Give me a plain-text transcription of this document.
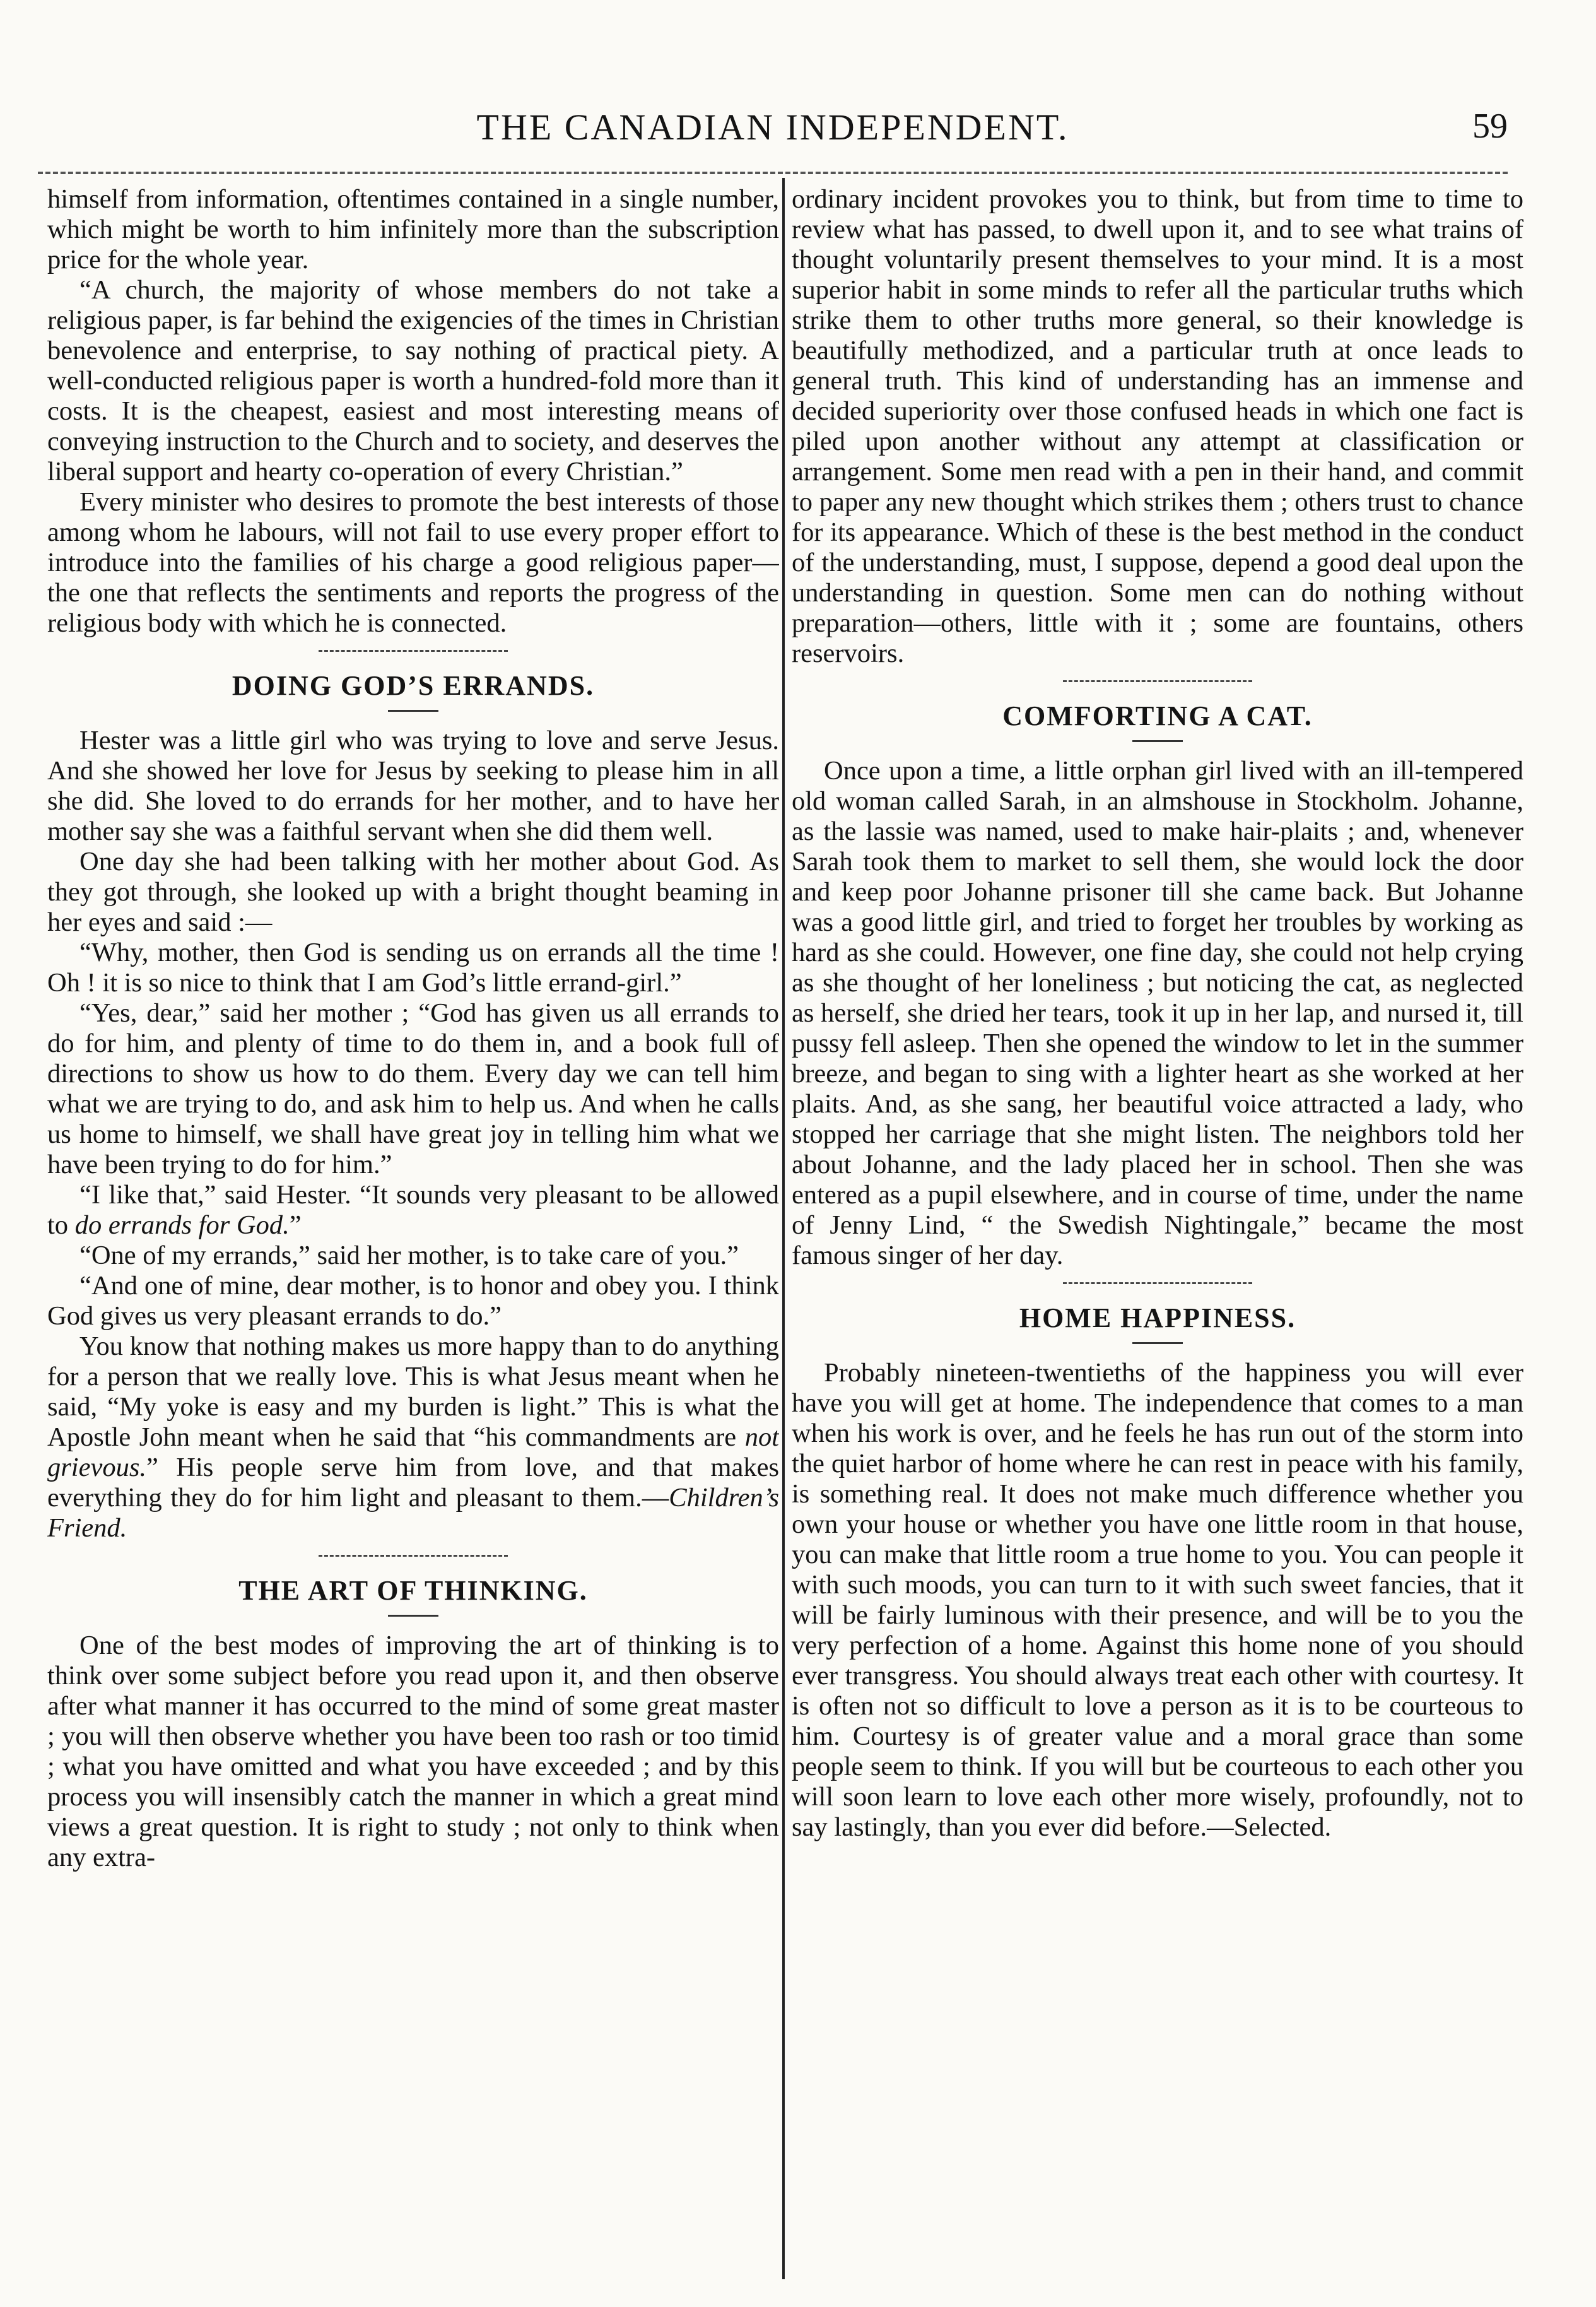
THE CANADIAN INDEPENDENT.	59

himself from information, oftentimes contained in a single number, which might be worth to him infinitely more than the subscription price for the whole year.

“A church, the majority of whose members do not take a religious paper, is far behind the exigencies of the times in Christian benevolence and enterprise, to say nothing of practical piety. A well-conducted religious paper is worth a hundred-fold more than it costs. It is the cheapest, easiest and most interesting means of conveying instruction to the Church and to society, and deserves the liberal support and hearty co-operation of every Christian.”

Every minister who desires to promote the best interests of those among whom he labours, will not fail to use every proper effort to introduce into the families of his charge a good religious paper—the one that reflects the sentiments and reports the progress of the religious body with which he is connected.

DOING GOD’S ERRANDS.

Hester was a little girl who was trying to love and serve Jesus. And she showed her love for Jesus by seeking to please him in all she did. She loved to do errands for her mother, and to have her mother say she was a faithful servant when she did them well.

One day she had been talking with her mother about God. As they got through, she looked up with a bright thought beaming in her eyes and said :—

“Why, mother, then God is sending us on errands all the time ! Oh ! it is so nice to think that I am God’s little errand-girl.”

“Yes, dear,” said her mother ; “God has given us all errands to do for him, and plenty of time to do them in, and a book full of directions to show us how to do them. Every day we can tell him what we are trying to do, and ask him to help us. And when he calls us home to himself, we shall have great joy in telling him what we have been trying to do for him.”

“I like that,” said Hester. “It sounds very pleasant to be allowed to do errands for God.”

“One of my errands,” said her mother, is to take care of you.”

“And one of mine, dear mother, is to honor and obey you. I think God gives us very pleasant errands to do.”

You know that nothing makes us more happy than to do anything for a person that we really love. This is what Jesus meant when he said, “My yoke is easy and my burden is light.” This is what the Apostle John meant when he said that “his commandments are not grievous.” His people serve him from love, and that makes everything they do for him light and pleasant to them.—Children’s Friend.

THE ART OF THINKING.

One of the best modes of improving the art of thinking is to think over some subject before you read upon it, and then observe after what manner it has occurred to the mind of some great master ; you will then observe whether you have been too rash or too timid ; what you have omitted and what you have exceeded ; and by this process you will insensibly catch the manner in which a great mind views a great question. It is right to study ; not only to think when any extra-

ordinary incident provokes you to think, but from time to time to review what has passed, to dwell upon it, and to see what trains of thought voluntarily present themselves to your mind. It is a most superior habit in some minds to refer all the particular truths which strike them to other truths more general, so their knowledge is beautifully methodized, and a particular truth at once leads to general truth. This kind of understanding has an immense and decided superiority over those confused heads in which one fact is piled upon another without any attempt at classification or arrangement. Some men read with a pen in their hand, and commit to paper any new thought which strikes them ; others trust to chance for its appearance. Which of these is the best method in the conduct of the understanding, must, I suppose, depend a good deal upon the understanding in question. Some men can do nothing without preparation—others, little with it ; some are fountains, others reservoirs.

COMFORTING A CAT.

Once upon a time, a little orphan girl lived with an ill-tempered old woman called Sarah, in an almshouse in Stockholm. Johanne, as the lassie was named, used to make hair-plaits ; and, whenever Sarah took them to market to sell them, she would lock the door and keep poor Johanne prisoner till she came back. But Johanne was a good little girl, and tried to forget her troubles by working as hard as she could. However, one fine day, she could not help crying as she thought of her loneliness ; but noticing the cat, as neglected as herself, she dried her tears, took it up in her lap, and nursed it, till pussy fell asleep. Then she opened the window to let in the summer breeze, and began to sing with a lighter heart as she worked at her plaits. And, as she sang, her beautiful voice attracted a lady, who stopped her carriage that she might listen. The neighbors told her about Johanne, and the lady placed her in school. Then she was entered as a pupil elsewhere, and in course of time, under the name of Jenny Lind, “ the Swedish Nightingale,” became the most famous singer of her day.

HOME HAPPINESS.

Probably nineteen-twentieths of the happiness you will ever have you will get at home. The independence that comes to a man when his work is over, and he feels he has run out of the storm into the quiet harbor of home where he can rest in peace with his family, is something real. It does not make much difference whether you own your house or whether you have one little room in that house, you can make that little room a true home to you. You can people it with such moods, you can turn to it with such sweet fancies, that it will be fairly luminous with their presence, and will be to you the very perfection of a home. Against this home none of you should ever transgress. You should always treat each other with courtesy. It is often not so difficult to love a person as it is to be courteous to him. Courtesy is of greater value and a moral grace than some people seem to think. If you will but be courteous to each other you will soon learn to love each other more wisely, profoundly, not to say lastingly, than you ever did before.—Selected.
